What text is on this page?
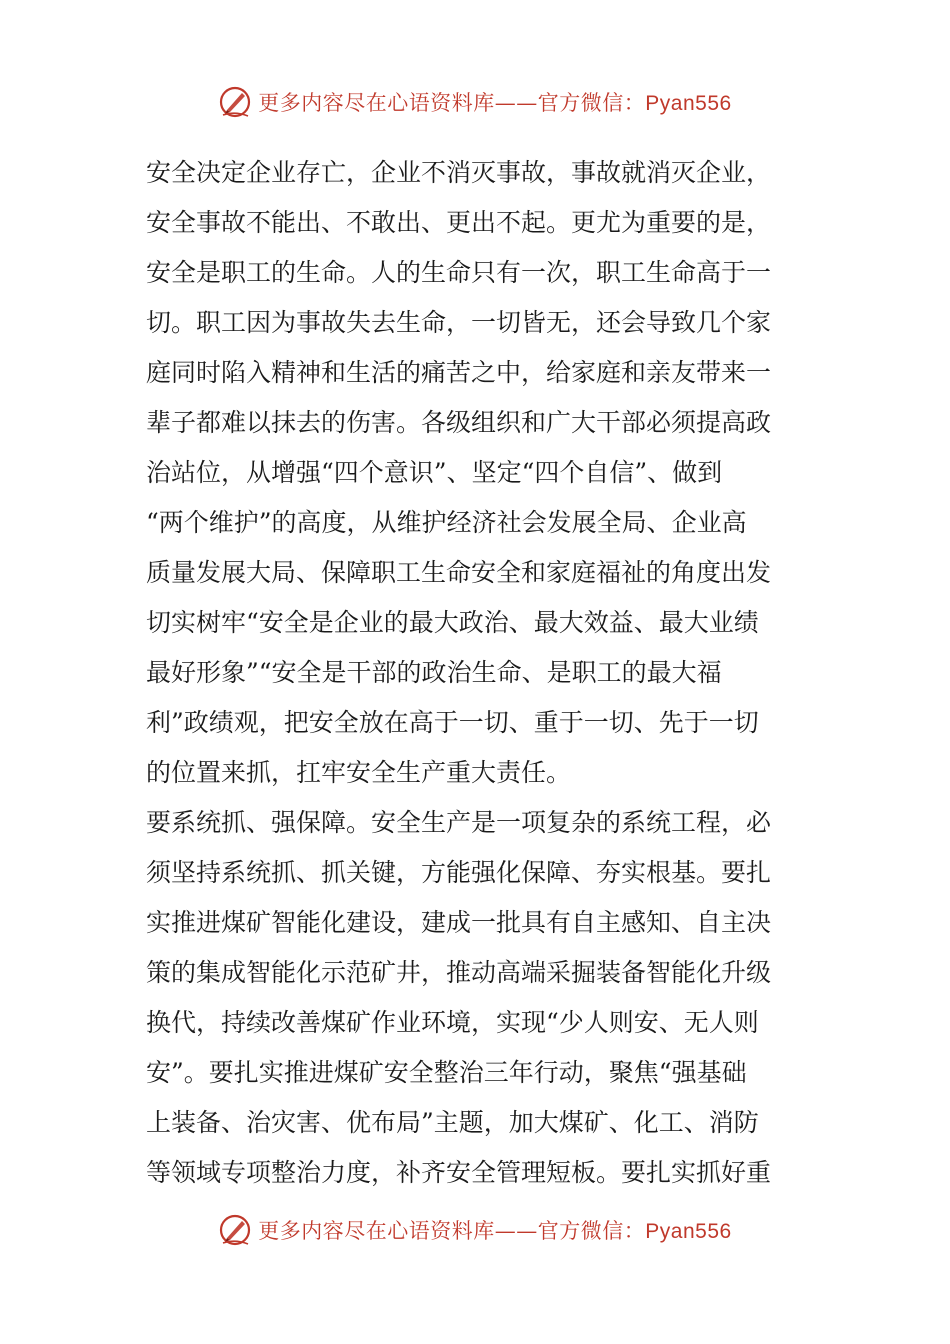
更多内容尽在心语资料库——官方微信：Pyan556
安全决定企业存亡，企业不消灭事故，事故就消灭企业，
安全事故不能出、不敢出、更出不起。更尤为重要的是，
安全是职工的生命。人的生命只有一次，职工生命高于一
切。职工因为事故失去生命，一切皆无，还会导致几个家
庭同时陷入精神和生活的痛苦之中，给家庭和亲友带来一
辈子都难以抹去的伤害。各级组织和广大干部必须提高政
治站位，从增强“四个意识”、坚定“四个自信”、做到
“两个维护”的高度，从维护经济社会发展全局、企业高
质量发展大局、保障职工生命安全和家庭福祉的角度出发
切实树牢“安全是企业的最大政治、最大效益、最大业绩
最好形象”“安全是干部的政治生命、是职工的最大福
利”政绩观，把安全放在高于一切、重于一切、先于一切
的位置来抓，扛牢安全生产重大责任。
要系统抓、强保障。安全生产是一项复杂的系统工程，必
须坚持系统抓、抓关键，方能强化保障、夯实根基。要扎
实推进煤矿智能化建设，建成一批具有自主感知、自主决
策的集成智能化示范矿井，推动高端采掘装备智能化升级
换代，持续改善煤矿作业环境，实现“少人则安、无人则
安”。要扎实推进煤矿安全整治三年行动，聚焦“强基础
上装备、治灾害、优布局”主题，加大煤矿、化工、消防
等领域专项整治力度，补齐安全管理短板。要扎实抓好重
更多内容尽在心语资料库——官方微信：Pyan556
